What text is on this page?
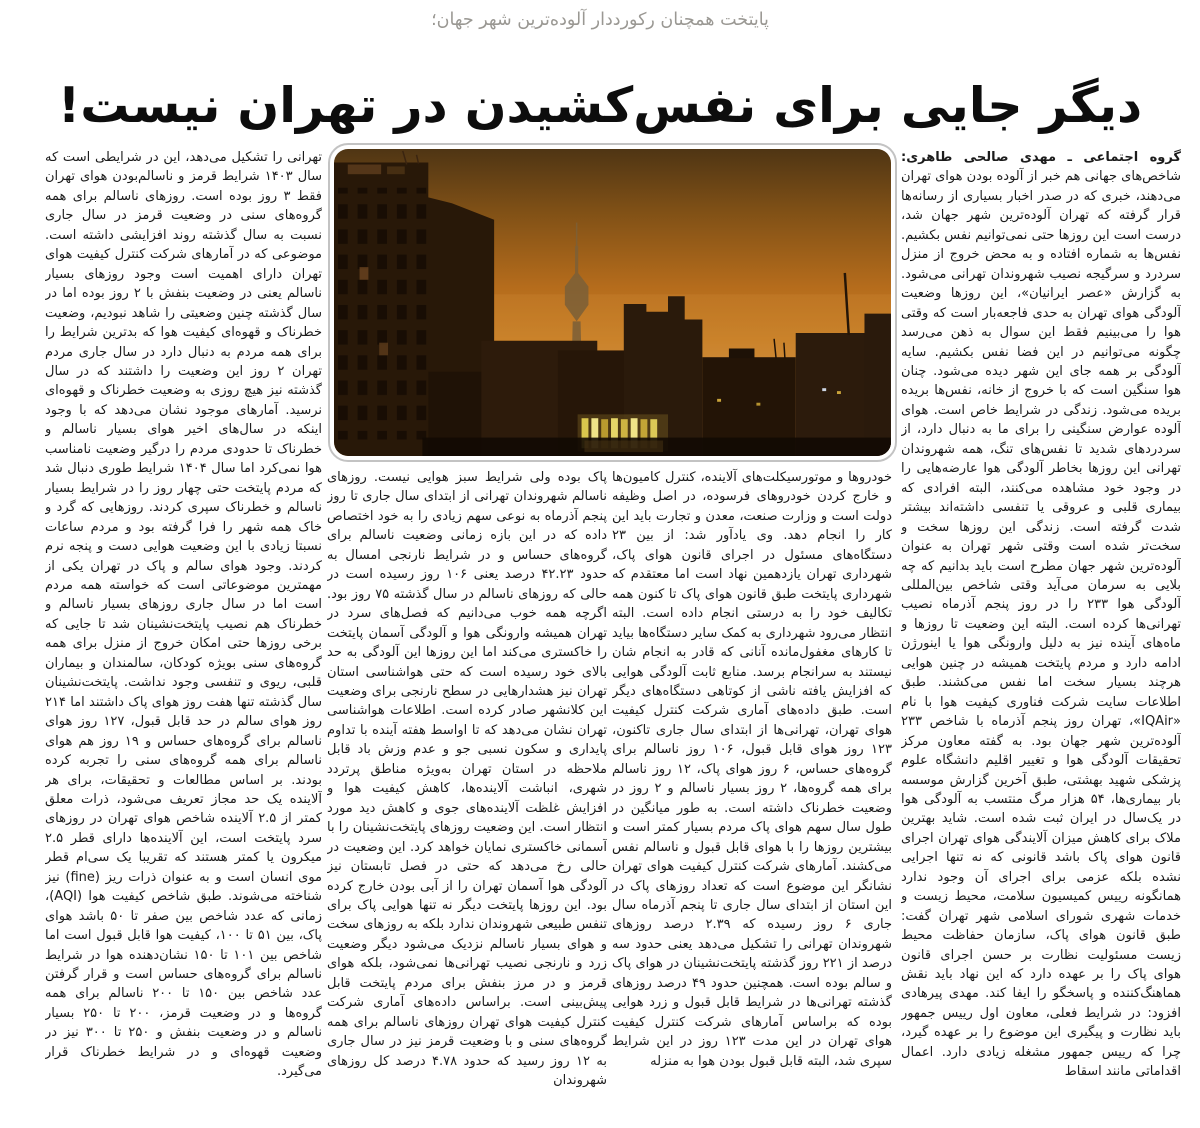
پایتخت همچنان رکورددار آلوده‌ترین شهر جهان؛
دیگر جایی برای نفس‌کشیدن در تهران نیست!
گروه اجتماعی ـ مهدی صالحی طاهری: شاخص‌های جهانی هم خبر از آلوده بودن هوای تهران می‌دهند، خبری که در صدر اخبار بسیاری از رسانه‌ها قرار گرفته که تهران آلوده‌ترین شهر جهان شد، درست است این روزها حتی نمی‌توانیم نفس بکشیم. نفس‌ها به شماره افتاده و به محض خروج از منزل سردرد و سرگیجه نصیب شهروندان تهرانی می‌شود. به گزارش «عصر ایرانیان»، این روزها وضعیت آلودگی هوای تهران به حدی فاجعه‌بار است که وقتی هوا را می‌بینیم فقط این سوال به ذهن می‌رسد چگونه می‌توانیم در این فضا نفس بکشیم. سایه آلودگی بر همه جای این شهر دیده می‌شود. چنان هوا سنگین است که با خروج از خانه، نفس‌ها بریده بریده می‌شود. زندگی در شرایط خاص است. هوای آلوده عوارض سنگینی را برای ما به دنبال دارد، از سردردهای شدید تا نفس‌های تنگ، همه شهروندان تهرانی این روزها بخاطر آلودگی هوا عارضه‌هایی را در وجود خود مشاهده می‌کنند، البته افرادی که بیماری قلبی و عروقی یا تنفسی داشته‌اند بیشتر شدت گرفته است. زندگی این روزها سخت و سخت‌تر شده است وقتی شهر تهران به عنوان آلوده‌ترین شهر جهان مطرح است باید بدانیم که چه بلایی به سرمان می‌آید وقتی شاخص بین‌المللی آلودگی هوا ۲۳۳ را در روز پنجم آذرماه نصیب تهرانی‌ها کرده است. البته این وضعیت تا روزها و ماه‌های آینده نیز به دلیل وارونگی هوا یا اینورژن ادامه دارد و مردم پایتخت همیشه در چنین هوایی هرچند بسیار سخت اما نفس می‌کشند. طبق اطلاعات سایت شرکت فناوری کیفیت هوا با نام «IQAir»، تهران روز پنجم آذرماه با شاخص ۲۳۳ آلوده‌ترین شهر جهان بود. به گفته معاون مرکز تحقیقات آلودگی هوا و تغییر اقلیم دانشگاه علوم پزشکی شهید بهشتی، طبق آخرین گزارش موسسه بار بیماری‌ها، ۵۴ هزار مرگ منتسب به آلودگی هوا در یک‌سال در ایران ثبت شده است. شاید بهترین ملاک برای کاهش میزان آلایندگی هوای تهران اجرای قانون هوای پاک باشد قانونی که نه تنها اجرایی نشده بلکه عزمی برای اجرای آن وجود ندارد همانگونه رییس کمیسیون سلامت، محیط زیست و خدمات شهری شورای اسلامی شهر تهران گفت: طبق قانون هوای پاک، سازمان حفاظت محیط زیست مسئولیت نظارت بر حسن اجرای قانون هوای پاک را بر عهده دارد که این نهاد باید نقش هماهنگ‌کننده و پاسخگو را ایفا کند. مهدی پیرهادی افزود: در شرایط فعلی، معاون اول رییس جمهور باید نظارت و پیگیری این موضوع را بر عهده گیرد، چرا که رییس جمهور مشغله زیادی دارد. اعمال اقداماتی مانند اسقاط
خودروها و موتورسیکلت‌های آلاینده، کنترل کامیون‌ها و خارج کردن خودروهای فرسوده، در اصل وظیفه دولت است و وزارت صنعت، معدن و تجارت باید این کار را انجام دهد. وی یادآور شد: از بین ۲۳ دستگاه‌های مسئول در اجرای قانون هوای پاک، شهرداری تهران یازدهمین نهاد است اما معتقدم که شهرداری پایتخت طبق قانون هوای پاک تا کنون همه تکالیف خود را به درستی انجام داده است. البته انتظار می‌رود شهرداری به کمک سایر دستگاه‌ها بیاید تا کارهای مغفول‌مانده آنانی که قادر به انجام شان نیستند به سرانجام برسد. منابع ثابت آلودگی هوایی که افزایش یافته ناشی از کوتاهی دستگاه‌های دیگر است. طبق داده‌های آماری شرکت کنترل کیفیت هوای تهران، تهرانی‌ها از ابتدای سال جاری تاکنون، ۱۲۳ روز هوای قابل قبول، ۱۰۶ روز ناسالم برای گروه‌های حساس، ۶ روز هوای پاک، ۱۲ روز ناسالم برای همه گروه‌ها، ۲ روز بسیار ناسالم و ۲ روز در وضعیت خطرناک داشته است. به طور میانگین در طول سال سهم هوای پاک مردم بسیار کمتر است و بیشترین روزها را با هوای قابل قبول و ناسالم نفس می‌کشند. آمارهای شرکت کنترل کیفیت هوای تهران نشانگر این موضوع است که تعداد روزهای پاک در این استان از ابتدای سال جاری تا پنجم آذرماه سال جاری ۶ روز رسیده که ۲.۳۹ درصد روزهای شهروندان تهرانی را تشکیل می‌دهد یعنی حدود سه درصد از ۲۲۱ روز گذشته پایتخت‌نشینان در هوای پاک و سالم بوده است. همچنین حدود ۴۹ درصد روزهای گذشته تهرانی‌ها در شرایط قابل قبول و زرد هوایی بوده که براساس آمارهای شرکت کنترل کیفیت هوای تهران در این مدت ۱۲۳ روز در این شرایط سپری شد، البته قابل قبول بودن هوا به منزله
پاک بوده ولی شرایط سبز هوایی نیست. روزهای ناسالم شهروندان تهرانی از ابتدای سال جاری تا روز پنجم آذرماه به نوعی سهم زیادی را به خود اختصاص داده که در این بازه زمانی وضعیت ناسالم برای گروه‌های حساس و در شرایط نارنجی امسال به حدود ۴۲.۲۳ درصد یعنی ۱۰۶ روز رسیده است در حالی که روزهای ناسالم در سال گذشته ۷۵ روز بود. اگرچه همه خوب می‌دانیم که فصل‌های سرد در تهران همیشه وارونگی هوا و آلودگی آسمان پایتخت را خاکستری می‌کند اما این روزها این آلودگی به حد بالای خود رسیده است که حتی هواشناسی استان تهران نیز هشدارهایی در سطح نارنجی برای وضعیت این کلانشهر صادر کرده است. اطلاعات هواشناسی تهران نشان می‌دهد که تا اواسط هفته آینده با تداوم پایداری و سکون نسبی جو و عدم وزش باد قابل ملاحظه در استان تهران به‌ویژه مناطق پرتردد شهری، انباشت آلاینده‌ها، کاهش کیفیت هوا و افزایش غلظت آلاینده‌های جوی و کاهش دید مورد انتظار است. این وضعیت روزهای پایتخت‌نشینان را با آسمانی خاکستری نمایان خواهد کرد. این وضعیت در حالی رخ می‌دهد که حتی در فصل تابستان نیز آلودگی هوا آسمان تهران را از آبی بودن خارج کرده بود. این روزها پایتخت دیگر نه تنها هوایی پاک برای تنفس طبیعی شهروندان ندارد بلکه به روزهای سخت و هوای بسیار ناسالم نزدیک می‌شود دیگر وضعیت زرد و نارنجی نصیب تهرانی‌ها نمی‌شود، بلکه هوای قرمز و در مرز بنفش برای مردم پایتخت قابل پیش‌بینی است. براساس داده‌های آماری شرکت کنترل کیفیت هوای تهران روزهای ناسالم برای همه گروه‌های سنی و با وضعیت قرمز نیز در سال جاری به ۱۲ روز رسید که حدود ۴.۷۸ درصد کل روزهای شهروندان
تهرانی را تشکیل می‌دهد، این در شرایطی است که سال ۱۴۰۳ شرایط قرمز و ناسالم‌بودن هوای تهران فقط ۳ روز بوده است. روزهای ناسالم برای همه گروه‌های سنی در وضعیت قرمز در سال جاری نسبت به سال گذشته روند افزایشی داشته است. موضوعی که در آمارهای شرکت کنترل کیفیت هوای تهران دارای اهمیت است وجود روزهای بسیار ناسالم یعنی در وضعیت بنفش با ۲ روز بوده اما در سال گذشته چنین وضعیتی را شاهد نبودیم، وضعیت خطرناک و قهوه‌ای کیفیت هوا که بدترین شرایط را برای همه مردم به دنبال دارد در سال جاری مردم تهران ۲ روز این وضعیت را داشتند که در سال گذشته نیز هیچ روزی به وضعیت خطرناک و قهوه‌ای نرسید. آمارهای موجود نشان می‌دهد که با وجود اینکه در سال‌های اخیر هوای بسیار ناسالم و خطرناک تا حدودی مردم را درگیر وضعیت نامناسب هوا نمی‌کرد اما سال ۱۴۰۴ شرایط طوری دنبال شد که مردم پایتخت حتی چهار روز را در شرایط بسیار ناسالم و خطرناک سپری کردند. روزهایی که گرد و خاک همه شهر را فرا گرفته بود و مردم ساعات نسبتا زیادی با این وضعیت هوایی دست و پنجه نرم کردند. وجود هوای سالم و پاک در تهران یکی از مهمترین موضوعاتی است که خواسته همه مردم است اما در سال جاری روزهای بسیار ناسالم و خطرناک هم نصیب پایتخت‌نشینان شد تا جایی که برخی روزها حتی امکان خروج از منزل برای همه گروه‌های سنی بویژه کودکان، سالمندان و بیماران قلبی، ریوی و تنفسی وجود نداشت. پایتخت‌نشینان سال گذشته تنها هفت روز هوای پاک داشتند اما ۲۱۴ روز هوای سالم در حد قابل قبول، ۱۲۷ روز هوای ناسالم برای گروه‌های حساس و ۱۹ روز هم هوای ناسالم برای همه گروه‌های سنی را تجربه کرده بودند. بر اساس مطالعات و تحقیقات، برای هر آلاینده یک حد مجاز تعریف می‌شود، ذرات معلق کمتر از ۲.۵ آلاینده شاخص هوای تهران در روزهای سرد پایتخت است، این آلاینده‌ها دارای قطر ۲.۵ میکرون یا کمتر هستند که تقریبا یک سی‌ام قطر موی انسان است و به عنوان ذرات ریز (fine) نیز شناخته می‌شوند. طبق شاخص کیفیت هوا (AQI)، زمانی که عدد شاخص بین صفر تا ۵۰ باشد هوای پاک، بین ۵۱ تا ۱۰۰، کیفیت هوا قابل قبول است اما شاخص بین ۱۰۱ تا ۱۵۰ نشان‌دهنده هوا در شرایط ناسالم برای گروه‌های حساس است و قرار گرفتن عدد شاخص بین ۱۵۰ تا ۲۰۰ ناسالم برای همه گروه‌ها و در وضعیت قرمز، ۲۰۰ تا ۲۵۰ بسیار ناسالم و در وضعیت بنفش و ۲۵۰ تا ۳۰۰ نیز در وضعیت قهوه‌ای و در شرایط خطرناک قرار می‌گیرد.
